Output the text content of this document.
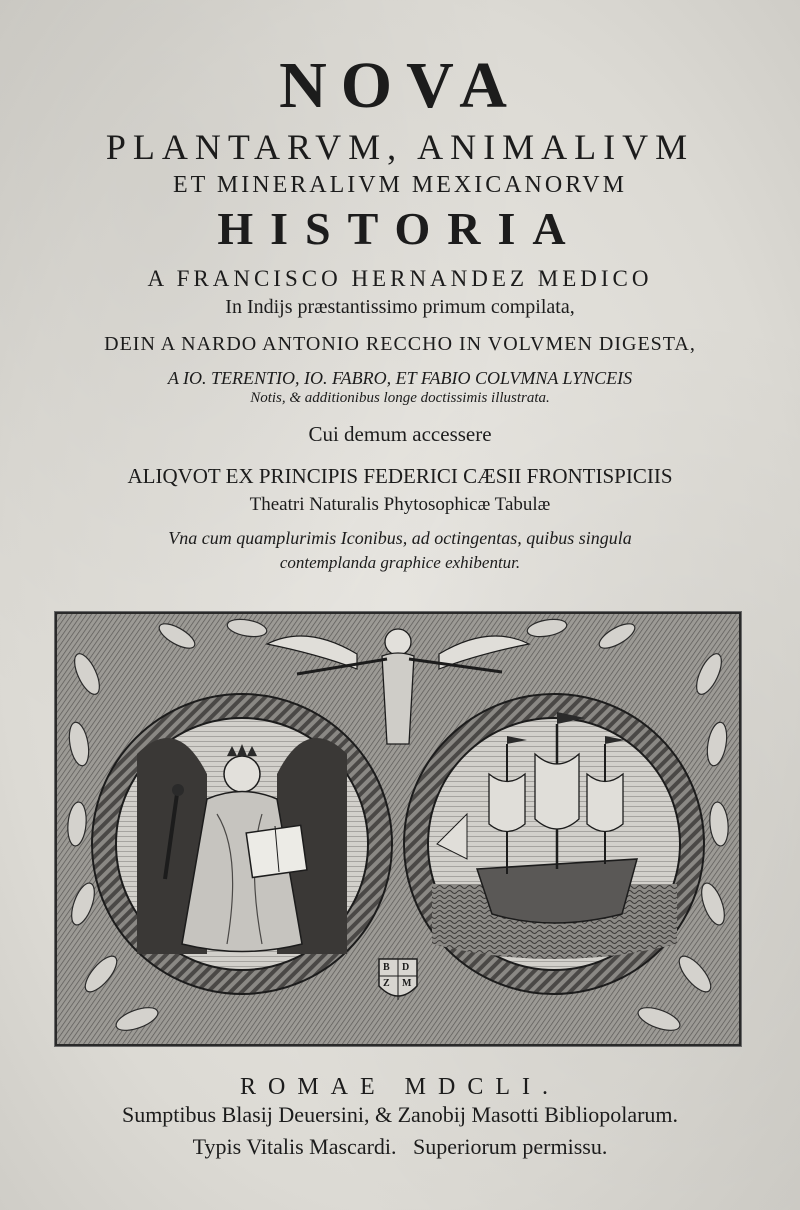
NOVA
PLANTARVM, ANIMALIVM
ET MINERALIVM MEXICANORVM
HISTORIA
A FRANCISCO HERNANDEZ MEDICO
In Indijs præstantissimo primum compilata,
DEIN A NARDO ANTONIO RECCHO IN VOLVMEN DIGESTA,
A IO. TERENTIO, IO. FABRO, ET FABIO COLVMNA LYNCEIS
Notis, & additionibus longe doctissimis illustrata.
Cui demum accessere
ALIQVOT EX PRINCIPIS FEDERICI CÆSII FRONTISPICIIS
Theatri Naturalis Phytosophicæ Tabulæ
Vna cum quamplurimis Iconibus, ad octingentas, quibus singula
contemplanda graphice exhibentur.
B D
Z M
ROMAE MDCLI.
Sumptibus Blasij Deuersini, & Zanobij Masotti Bibliopolarum.
Typis Vitalis Mascardi.   Superiorum permissu.
